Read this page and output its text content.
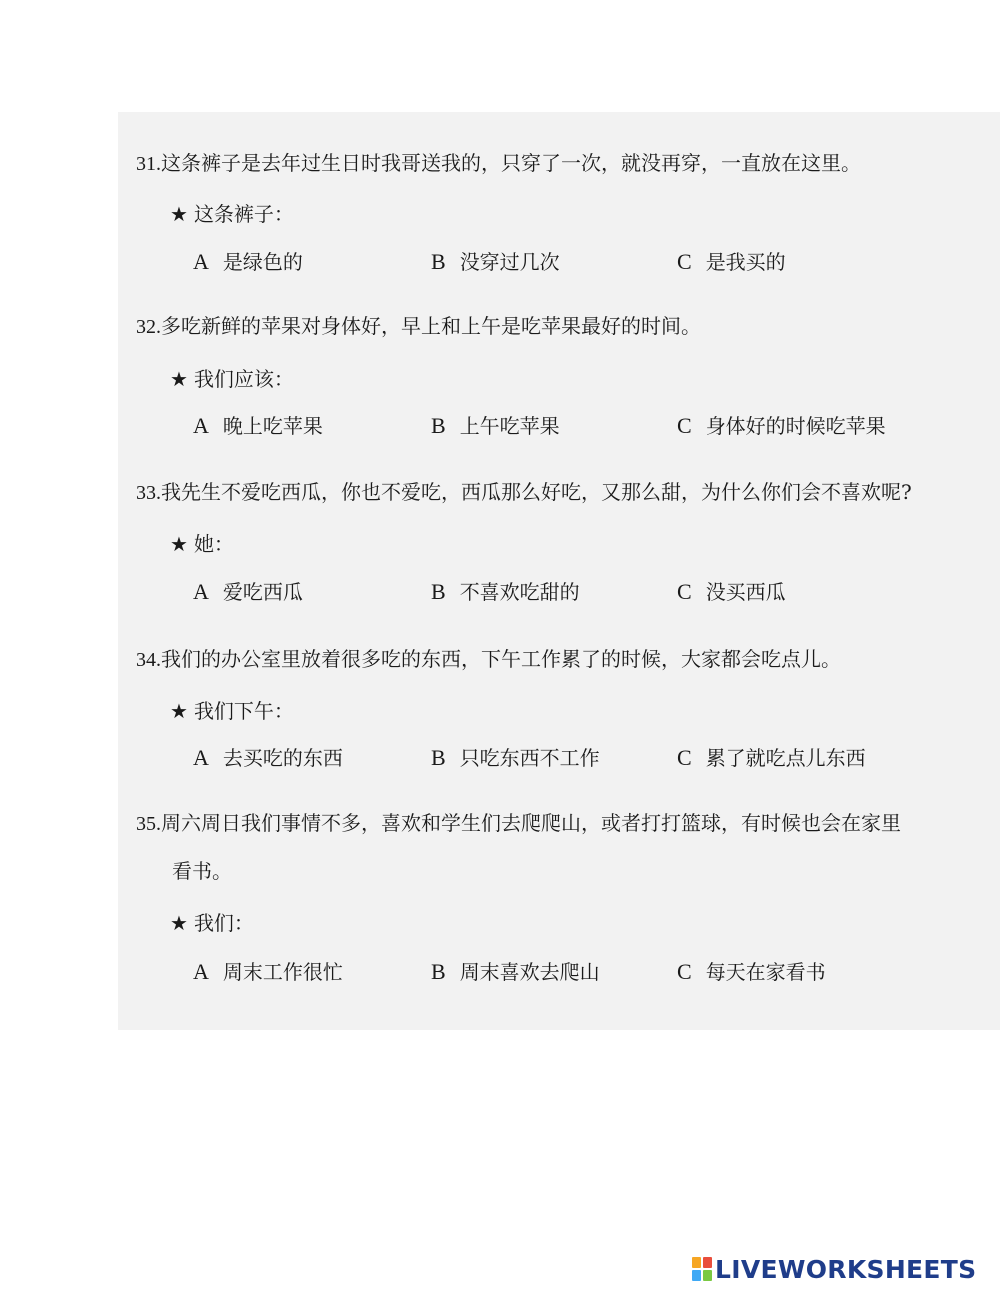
31.这条裤子是去年过生日时我哥送我的，只穿了一次，就没再穿，一直放在这里。
★ 这条裤子：
A 是绿色的	B 没穿过几次	C 是我买的
32.多吃新鲜的苹果对身体好，早上和上午是吃苹果最好的时间。
★ 我们应该：
A 晚上吃苹果	B 上午吃苹果	C 身体好的时候吃苹果
33.我先生不爱吃西瓜，你也不爱吃，西瓜那么好吃，又那么甜，为什么你们会不喜欢呢?
★ 她：
A 爱吃西瓜	B 不喜欢吃甜的	C 没买西瓜
34.我们的办公室里放着很多吃的东西，下午工作累了的时候，大家都会吃点儿。
★ 我们下午：
A 去买吃的东西	B 只吃东西不工作	C 累了就吃点儿东西
35.周六周日我们事情不多，喜欢和学生们去爬爬山，或者打打篮球，有时候也会在家里
看书。
★ 我们：
A 周末工作很忙	B 周末喜欢去爬山	C 每天在家看书
LIVEWORKSHEETS
